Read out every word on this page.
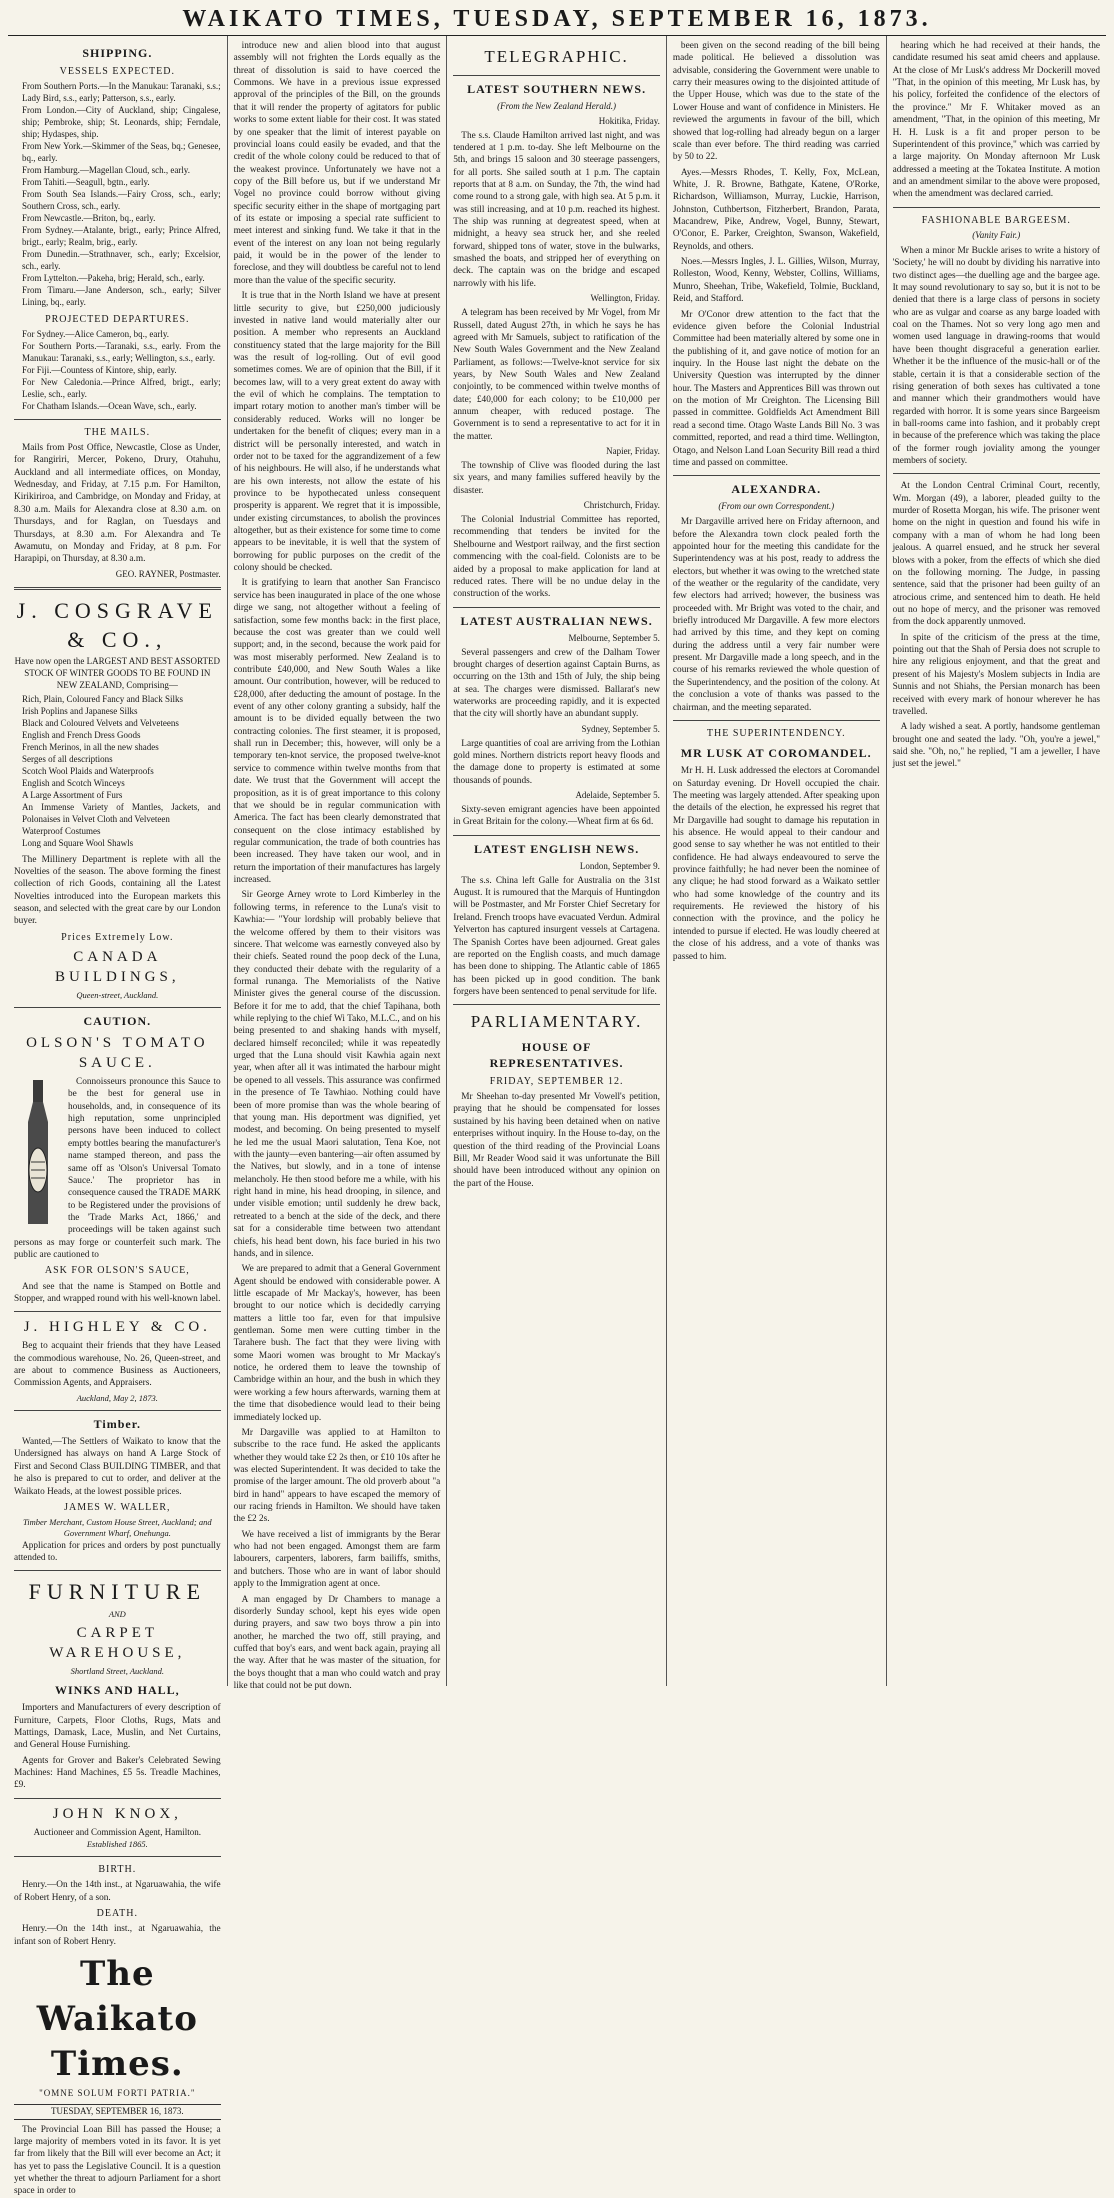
WAIKATO TIMES, TUESDAY, SEPTEMBER 16, 1873.
SHIPPING.
VESSELS EXPECTED.
From Southern Ports.—In the Manukau: Taranaki, s.s.; Lady Bird, s.s., early; Patterson, s.s., early.
From London.—City of Auckland, ship; Cingalese, ship; Pembroke, ship; St. Leonards, ship; Ferndale, ship; Hydaspes, ship.
From New York.—Skimmer of the Seas, bq.; Genesee, bq., early.
From Hamburg.—Magellan Cloud, sch., early.
From Tahiti.—Seagull, bgtn., early.
From South Sea Islands.—Fairy Cross, sch., early; Southern Cross, sch., early.
From Newcastle.—Briton, bq., early.
From Sydney.—Atalante, brigt., early; Prince Alfred, brigt., early; Realm, brig., early.
From Dunedin.—Strathnaver, sch., early; Excelsior, sch., early.
From Lyttelton.—Pakeha, brig; Herald, sch., early.
From Timaru.—Jane Anderson, sch., early; Silver Lining, bq., early.
PROJECTED DEPARTURES.
For Sydney.—Alice Cameron, bq., early.
For Southern Ports.—Taranaki, s.s., early. From the Manukau: Taranaki, s.s., early; Wellington, s.s., early.
For Fiji.—Countess of Kintore, ship, early.
For New Caledonia.—Prince Alfred, brigt., early; Leslie, sch., early.
For Chatham Islands.—Ocean Wave, sch., early.
THE MAILS.

Mails from Post Office, Newcastle, Close as Under, for Rangiriri, Mercer, Pokeno, Drury, Otahuhu, Auckland and all intermediate offices, on Monday, Wednesday, and Friday, at 7.15 p.m. For Hamilton, Kirikiriroa, and Cambridge, on Monday and Friday, at 8.30 a.m. Mails for Alexandra close at 8.30 a.m. on Thursdays, and for Raglan, on Tuesdays and Thursdays, at 8.30 a.m. For Alexandra and Te Awamutu, on Monday and Friday, at 8 p.m. For Harapipi, on Thursday, at 8.30 a.m.

GEO. RAYNER, Postmaster.
J. COSGRAVE & CO.,
Have now open the LARGEST AND BEST ASSORTED STOCK OF WINTER GOODS TO BE FOUND IN NEW ZEALAND, Comprising—
Rich, Plain, Coloured Fancy and Black Silks
Irish Poplins and Japanese Silks
Black and Coloured Velvets and Velveteens
English and French Dress Goods
French Merinos, in all the new shades
Serges of all descriptions
Scotch Wool Plaids and Waterproofs
English and Scotch Winceys
A Large Assortment of Furs
An Immense Variety of Mantles, Jackets, and Polonaises in Velvet Cloth and Velveteen
Waterproof Costumes
Long and Square Wool Shawls

The Millinery Department is replete with all the Novelties of the season. The above forming the finest collection of rich Goods, containing all the Latest Novelties introduced into the European markets this season, and selected with the great care by our London buyer.

Prices Extremely Low.
CANADA BUILDINGS,
Queen-street, Auckland.
CAUTION.
OLSON'S TOMATO SAUCE.

Connoisseurs pronounce this Sauce to be the best for general use in households, and, in consequence of its high reputation, some unprincipled persons have been induced to collect empty bottles bearing the manufacturer's name stamped thereon, and pass the same off as 'Olson's Universal Tomato Sauce.' The proprietor has in consequence caused the TRADE MARK to be Registered under the provisions of the 'Trade Marks Act, 1866,' and proceedings will be taken against such persons as may forge or counterfeit such mark. The public are cautioned to

ASK FOR OLSON'S SAUCE,

And see that the name is Stamped on Bottle and Stopper, and wrapped round with his well-known label.

J. HIGHLEY & CO.

Beg to acquaint their friends that they have Leased the commodious warehouse, No. 26, Queen-street, and are about to commence Business as Auctioneers, Commission Agents, and Appraisers.

Auckland, May 2, 1873.
Timber.

Wanted,—The Settlers of Waikato to know that the Undersigned has always on hand A Large Stock of First and Second Class BUILDING TIMBER, and that he also is prepared to cut to order, and deliver at the Waikato Heads, at the lowest possible prices.

JAMES W. WALLER,
Timber Merchant, Custom House Street, Auckland; and Government Wharf, Onehunga.

Application for prices and orders by post punctually attended to.

FURNITURE
AND
CARPET WAREHOUSE,
Shortland Street, Auckland.
WINKS AND HALL,

Importers and Manufacturers of every description of Furniture, Carpets, Floor Cloths, Rugs, Mats and Mattings, Damask, Lace, Muslin, and Net Curtains, and General House Furnishing.

Agents for Grover and Baker's Celebrated Sewing Machines: Hand Machines, £5 5s. Treadle Machines, £9.

JOHN KNOX,
Auctioneer and Commission Agent, Hamilton.
Established 1865.
BIRTH.

Henry.—On the 14th inst., at Ngaruawahia, the wife of Robert Henry, of a son.

DEATH.

Henry.—On the 14th inst., at Ngaruawahia, the infant son of Robert Henry.

The Waikato Times.
"OMNE SOLUM FORTI PATRIA."
TUESDAY, SEPTEMBER 16, 1873.

The Provincial Loan Bill has passed the House; a large majority of members voted in its favor. It is yet far from likely that the Bill will ever become an Act; it has yet to pass the Legislative Council. It is a question yet whether the threat to adjourn Parliament for a short space in order to

introduce new and alien blood into that august assembly will not frighten the Lords equally as the threat of dissolution is said to have coerced the Commons. We have in a previous issue expressed approval of the principles of the Bill, on the grounds that it will render the property of agitators for public works to some extent liable for their cost. It was stated by one speaker that the limit of interest payable on provincial loans could easily be evaded, and that the credit of the whole colony could be reduced to that of the weakest province. Unfortunately we have not a copy of the Bill before us, but if we understand Mr Vogel no province could borrow without giving specific security either in the shape of mortgaging part of its estate or imposing a special rate sufficient to meet interest and sinking fund. We take it that in the event of the interest on any loan not being regularly paid, it would be in the power of the lender to foreclose, and they will doubtless be careful not to lend more than the value of the specific security.

It is true that in the North Island we have at present little security to give, but £250,000 judiciously invested in native land would materially alter our position. A member who represents an Auckland constituency stated that the large majority for the Bill was the result of log-rolling. Out of evil good sometimes comes. We are of opinion that the Bill, if it becomes law, will to a very great extent do away with the evil of which he complains. The temptation to impart rotary motion to another man's timber will be considerably reduced. Works will no longer be undertaken for the benefit of cliques; every man in a district will be personally interested, and watch in order not to be taxed for the aggrandizement of a few of his neighbours. He will also, if he understands what are his own interests, not allow the estate of his province to be hypothecated unless consequent prosperity is apparent. We regret that it is impossible, under existing circumstances, to abolish the provinces altogether, but as their existence for some time to come appears to be inevitable, it is well that the system of borrowing for public purposes on the credit of the colony should be checked.

It is gratifying to learn that another San Francisco service has been inaugurated in place of the one whose dirge we sang, not altogether without a feeling of satisfaction, some few months back: in the first place, because the cost was greater than we could well support; and, in the second, because the work paid for was most miserably performed. New Zealand is to contribute £40,000, and New South Wales a like amount. Our contribution, however, will be reduced to £28,000, after deducting the amount of postage. In the event of any other colony granting a subsidy, half the amount is to be divided equally between the two contracting colonies. The first steamer, it is proposed, shall run in December; this, however, will only be a temporary ten-knot service, the proposed twelve-knot service to commence within twelve months from that date. We trust that the Government will accept the proposition, as it is of great importance to this colony that we should be in regular communication with America. The fact has been clearly demonstrated that consequent on the close intimacy established by regular communication, the trade of both countries has been increased. They have taken our wool, and in return the importation of their manufactures has largely increased.

Sir George Arney wrote to Lord Kimberley in the following terms, in reference to the Luna's visit to Kawhia:— "Your lordship will probably believe that the welcome offered by them to their visitors was sincere. That welcome was earnestly conveyed also by their chiefs. Seated round the poop deck of the Luna, they conducted their debate with the regularity of a formal runanga. The Memorialists of the Native Minister gives the general course of the discussion. Before it for me to add, that the chief Tapihana, both while replying to the chief Wi Tako, M.L.C., and on his being presented to and shaking hands with myself, declared himself reconciled; while it was repeatedly urged that the Luna should visit Kawhia again next year, when after all it was intimated the harbour might be opened to all vessels. This assurance was confirmed in the presence of Te Tawhiao. Nothing could have been of more promise than was the whole bearing of that young man. His deportment was dignified, yet modest, and becoming. On being presented to myself he led me the usual Maori salutation, Tena Koe, not with the jaunty—even bantering—air often assumed by the Natives, but slowly, and in a tone of intense melancholy. He then stood before me a while, with his right hand in mine, his head drooping, in silence, and under visible emotion; until suddenly he drew back, retreated to a bench at the side of the deck, and there sat for a considerable time between two attendant chiefs, his head bent down, his face buried in his two hands, and in silence.

We are prepared to admit that a General Government Agent should be endowed with considerable power. A little escapade of Mr Mackay's, however, has been brought to our notice which is decidedly carrying matters a little too far, even for that impulsive gentleman. Some men were cutting timber in the Tarahere bush. The fact that they were living with some Maori women was brought to Mr Mackay's notice, he ordered them to leave the township of Cambridge within an hour, and the bush in which they were working a few hours afterwards, warning them at the time that disobedience would lead to their being immediately locked up.

Mr Dargaville was applied to at Hamilton to subscribe to the race fund. He asked the applicants whether they would take £2 2s then, or £10 10s after he was elected Superintendent. It was decided to take the promise of the larger amount. The old proverb about "a bird in hand" appears to have escaped the memory of our racing friends in Hamilton. We should have taken the £2 2s.

We have received a list of immigrants by the Berar who had not been engaged. Amongst them are farm labourers, carpenters, laborers, farm bailiffs, smiths, and butchers. Those who are in want of labor should apply to the Immigration agent at once.

A man engaged by Dr Chambers to manage a disorderly Sunday school, kept his eyes wide open during prayers, and saw two boys throw a pin into another, he marched the two off, still praying, and cuffed that boy's ears, and went back again, praying all the way. After that he was master of the situation, for the boys thought that a man who could watch and pray like that could not be put down.

TELEGRAPHIC.
LATEST SOUTHERN NEWS.
(From the New Zealand Herald.)
Hokitika, Friday.

The s.s. Claude Hamilton arrived last night, and was tendered at 1 p.m. to-day. She left Melbourne on the 5th, and brings 15 saloon and 30 steerage passengers, for all ports. She sailed south at 1 p.m. The captain reports that at 8 a.m. on Sunday, the 7th, the wind had come round to a strong gale, with high sea. At 5 p.m. it was still increasing, and at 10 p.m. reached its highest. The ship was running at degreatest speed, when at midnight, a heavy sea struck her, and she reeled forward, shipped tons of water, stove in the bulwarks, smashed the boats, and stripped her of everything on deck. The captain was on the bridge and escaped narrowly with his life.

Wellington, Friday.

A telegram has been received by Mr Vogel, from Mr Russell, dated August 27th, in which he says he has agreed with Mr Samuels, subject to ratification of the New South Wales Government and the New Zealand Parliament, as follows:—Twelve-knot service for six years, by New South Wales and New Zealand conjointly, to be commenced within twelve months of date; £40,000 for each colony; to be £10,000 per annum cheaper, with reduced postage. The Government is to send a representative to act for it in the matter.

Napier, Friday.

The township of Clive was flooded during the last six years, and many families suffered heavily by the disaster.

Christchurch, Friday.

The Colonial Industrial Committee has reported, recommending that tenders be invited for the Shelbourne and Westport railway, and the first section commencing with the coal-field. Colonists are to be aided by a proposal to make application for land at reduced rates. There will be no undue delay in the construction of the works.

LATEST AUSTRALIAN NEWS.
Melbourne, September 5.

Several passengers and crew of the Dalham Tower brought charges of desertion against Captain Burns, as occurring on the 13th and 15th of July, the ship being at sea. The charges were dismissed. Ballarat's new waterworks are proceeding rapidly, and it is expected that the city will shortly have an abundant supply.

Sydney, September 5.

Large quantities of coal are arriving from the Lothian gold mines. Northern districts report heavy floods and the damage done to property is estimated at some thousands of pounds.

Adelaide, September 5.

Sixty-seven emigrant agencies have been appointed in Great Britain for the colony.—Wheat firm at 6s 6d.

LATEST ENGLISH NEWS.
London, September 9.

The s.s. China left Galle for Australia on the 31st August. It is rumoured that the Marquis of Huntingdon will be Postmaster, and Mr Forster Chief Secretary for Ireland. French troops have evacuated Verdun. Admiral Yelverton has captured insurgent vessels at Cartagena. The Spanish Cortes have been adjourned. Great gales are reported on the English coasts, and much damage has been done to shipping. The Atlantic cable of 1865 has been picked up in good condition. The bank forgers have been sentenced to penal servitude for life.

PARLIAMENTARY.
HOUSE OF REPRESENTATIVES.
FRIDAY, SEPTEMBER 12.

Mr Sheehan to-day presented Mr Vowell's petition, praying that he should be compensated for losses sustained by his having been detained when on native enterprises without inquiry. In the House to-day, on the question of the third reading of the Provincial Loans Bill, Mr Reader Wood said it was unfortunate the Bill should have been introduced without any opinion on the part of the House.

been given on the second reading of the bill being made political. He believed a dissolution was advisable, considering the Government were unable to carry their measures owing to the disjointed attitude of the Upper House, which was due to the state of the Lower House and want of confidence in Ministers. He reviewed the arguments in favour of the bill, which showed that log-rolling had already begun on a larger scale than ever before. The third reading was carried by 50 to 22.

Ayes.—Messrs Rhodes, T. Kelly, Fox, McLean, White, J. R. Browne, Bathgate, Katene, O'Rorke, Richardson, Williamson, Murray, Luckie, Harrison, Johnston, Cuthbertson, Fitzherbert, Brandon, Parata, Macandrew, Pike, Andrew, Vogel, Bunny, Stewart, O'Conor, E. Parker, Creighton, Swanson, Wakefield, Reynolds, and others.

Noes.—Messrs Ingles, J. L. Gillies, Wilson, Murray, Rolleston, Wood, Kenny, Webster, Collins, Williams, Munro, Sheehan, Tribe, Wakefield, Tolmie, Buckland, Reid, and Stafford.

Mr O'Conor drew attention to the fact that the evidence given before the Colonial Industrial Committee had been materially altered by some one in the publishing of it, and gave notice of motion for an inquiry. In the House last night the debate on the University Question was interrupted by the dinner hour. The Masters and Apprentices Bill was thrown out on the motion of Mr Creighton. The Licensing Bill passed in committee. Goldfields Act Amendment Bill read a second time. Otago Waste Lands Bill No. 3 was committed, reported, and read a third time. Wellington, Otago, and Nelson Land Loan Security Bill read a third time and passed on committee.

ALEXANDRA.
(From our own Correspondent.)

Mr Dargaville arrived here on Friday afternoon, and before the Alexandra town clock pealed forth the appointed hour for the meeting this candidate for the Superintendency was at his post, ready to address the electors, but whether it was owing to the wretched state of the weather or the regularity of the candidate, very few electors had arrived; however, the business was proceeded with. Mr Bright was voted to the chair, and briefly introduced Mr Dargaville. A few more electors had arrived by this time, and they kept on coming during the address until a very fair number were present. Mr Dargaville made a long speech, and in the course of his remarks reviewed the whole question of the Superintendency, and the position of the colony. At the conclusion a vote of thanks was passed to the chairman, and the meeting separated.

THE SUPERINTENDENCY.
MR LUSK AT COROMANDEL.

Mr H. H. Lusk addressed the electors at Coromandel on Saturday evening. Dr Hovell occupied the chair. The meeting was largely attended. After speaking upon the details of the election, he expressed his regret that Mr Dargaville had sought to damage his reputation in his absence. He would appeal to their candour and good sense to say whether he was not entitled to their confidence. He had always endeavoured to serve the province faithfully; he had never been the nominee of any clique; he had stood forward as a Waikato settler who had some knowledge of the country and its requirements. He reviewed the history of his connection with the province, and the policy he intended to pursue if elected. He was loudly cheered at the close of his address, and a vote of thanks was passed to him.

hearing which he had received at their hands, the candidate resumed his seat amid cheers and applause. At the close of Mr Lusk's address Mr Dockerill moved "That, in the opinion of this meeting, Mr Lusk has, by his policy, forfeited the confidence of the electors of the province." Mr F. Whitaker moved as an amendment, "That, in the opinion of this meeting, Mr H. H. Lusk is a fit and proper person to be Superintendent of this province," which was carried by a large majority. On Monday afternoon Mr Lusk addressed a meeting at the Tokatea Institute. A motion and an amendment similar to the above were proposed, when the amendment was declared carried.

FASHIONABLE BARGEESM.
(Vanity Fair.)

When a minor Mr Buckle arises to write a history of 'Society,' he will no doubt by dividing his narrative into two distinct ages—the duelling age and the bargee age. It may sound revolutionary to say so, but it is not to be denied that there is a large class of persons in society who are as vulgar and coarse as any barge loaded with coal on the Thames. Not so very long ago men and women used language in drawing-rooms that would have been thought disgraceful a generation earlier. Whether it be the influence of the music-hall or of the stable, certain it is that a considerable section of the rising generation of both sexes has cultivated a tone and manner which their grandmothers would have regarded with horror. It is some years since Bargeeism in ball-rooms came into fashion, and it probably crept in because of the preference which was taking the place of the former rough joviality among the younger members of society.

At the London Central Criminal Court, recently, Wm. Morgan (49), a laborer, pleaded guilty to the murder of Rosetta Morgan, his wife. The prisoner went home on the night in question and found his wife in company with a man of whom he had long been jealous. A quarrel ensued, and he struck her several blows with a poker, from the effects of which she died on the following morning. The Judge, in passing sentence, said that the prisoner had been guilty of an atrocious crime, and sentenced him to death. He held out no hope of mercy, and the prisoner was removed from the dock apparently unmoved.

In spite of the criticism of the press at the time, pointing out that the Shah of Persia does not scruple to hire any religious enjoyment, and that the great and present of his Majesty's Moslem subjects in India are Sunnis and not Shiahs, the Persian monarch has been received with every mark of honour wherever he has travelled.

A lady wished a seat. A portly, handsome gentleman brought one and seated the lady. "Oh, you're a jewel," said she. "Oh, no," he replied, "I am a jeweller, I have just set the jewel."
